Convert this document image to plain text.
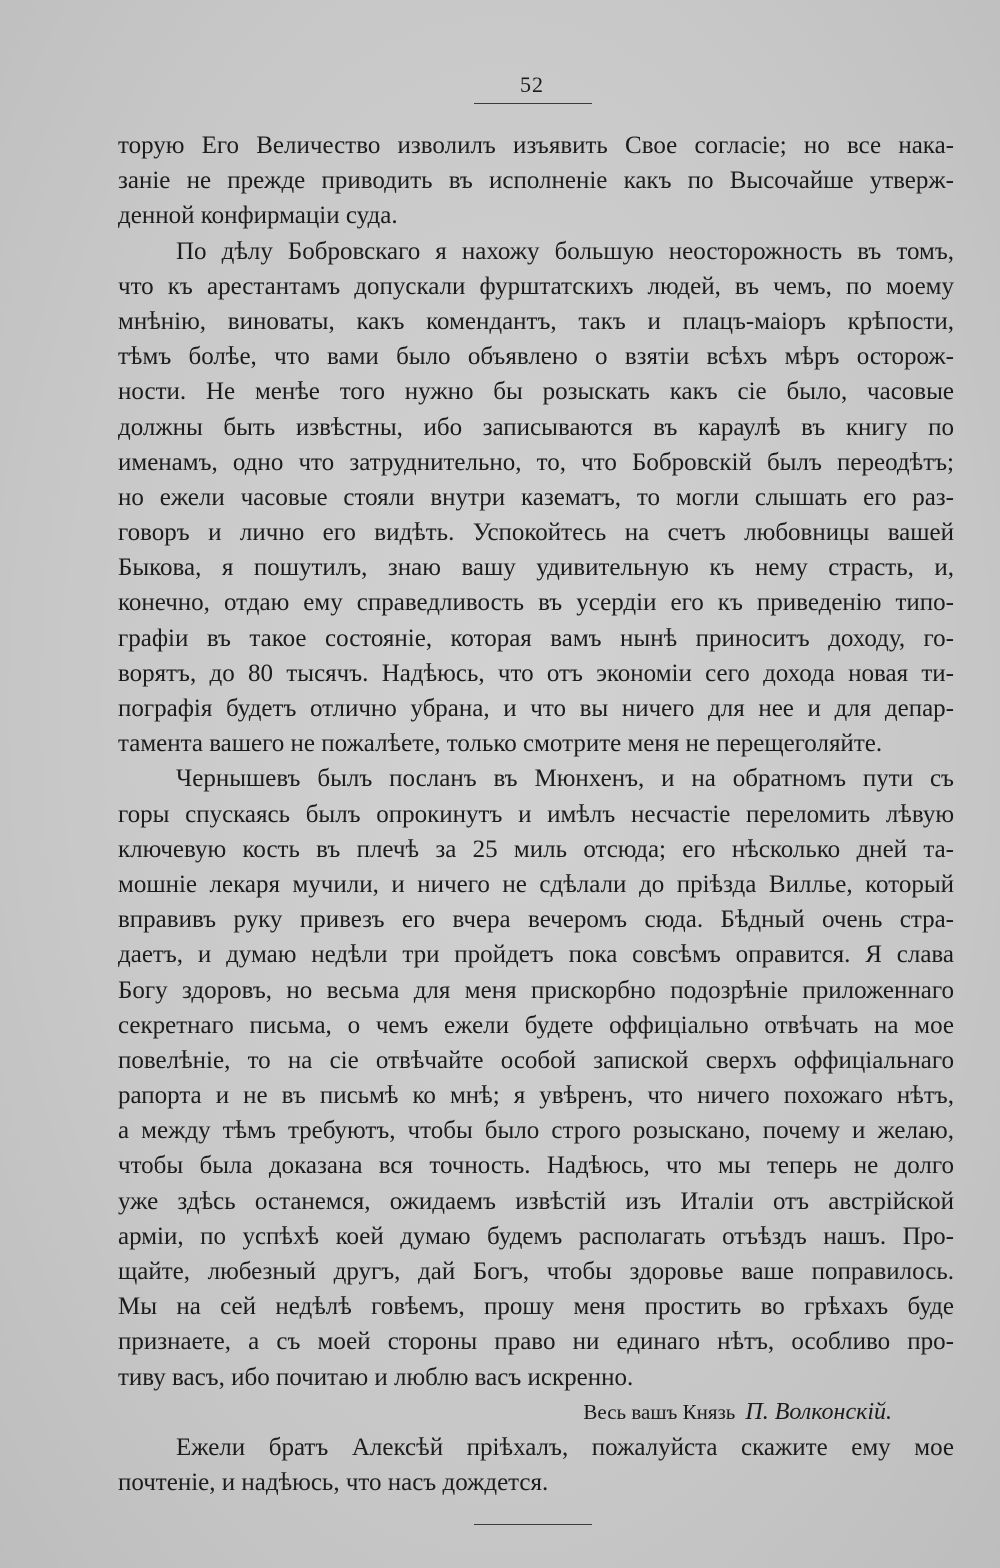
52
торую Его Величество изволилъ изъявить Свое согласіе; но все нака-
заніе не прежде приводить въ исполненіе какъ по Высочайше утверж-
денной конфирмаціи суда.
По дѣлу Бобровскаго я нахожу большую неосторожность въ томъ,
что къ арестантамъ допускали фурштатскихъ людей, въ чемъ, по моему
мнѣнію, виноваты, какъ комендантъ, такъ и плацъ-маіоръ крѣпости,
тѣмъ болѣе, что вами было объявлено о взятіи всѣхъ мѣръ осторож-
ности. Не менѣе того нужно бы розыскать какъ сіе было, часовые
должны быть извѣстны, ибо записываются въ караулѣ въ книгу по
именамъ, одно что затруднительно, то, что Бобровскій былъ переодѣтъ;
но ежели часовые стояли внутри казематъ, то могли слышать его раз-
говоръ и лично его видѣть. Успокойтесь на счетъ любовницы вашей
Быкова, я пошутилъ, знаю вашу удивительную къ нему страсть, и,
конечно, отдаю ему справедливость въ усердіи его къ приведенію типо-
графіи въ такое состояніе, которая вамъ нынѣ приноситъ доходу, го-
ворятъ, до 80 тысячъ. Надѣюсь, что отъ экономіи сего дохода новая ти-
пографія будетъ отлично убрана, и что вы ничего для нее и для депар-
тамента вашего не пожалѣете, только смотрите меня не перещеголяйте.
Чернышевъ былъ посланъ въ Мюнхенъ, и на обратномъ пути съ
горы спускаясь былъ опрокинутъ и имѣлъ несчастіе переломить лѣвую
ключевую кость въ плечѣ за 25 миль отсюда; его нѣсколько дней та-
мошніе лекаря мучили, и ничего не сдѣлали до пріѣзда Виллье, который
вправивъ руку привезъ его вчера вечеромъ сюда. Бѣдный очень стра-
даетъ, и думаю недѣли три пройдетъ пока совсѣмъ оправится. Я слава
Богу здоровъ, но весьма для меня прискорбно подозрѣніе приложеннаго
секретнаго письма, о чемъ ежели будете оффиціально отвѣчать на мое
повелѣніе, то на сіе отвѣчайте особой запиской сверхъ оффиціальнаго
рапорта и не въ письмѣ ко мнѣ; я увѣренъ, что ничего похожаго нѣтъ,
а между тѣмъ требуютъ, чтобы было строго розыскано, почему и желаю,
чтобы была доказана вся точность. Надѣюсь, что мы теперь не долго
уже здѣсь останемся, ожидаемъ извѣстій изъ Италіи отъ австрійской
арміи, по успѣхѣ коей думаю будемъ располагать отъѣздъ нашъ. Про-
щайте, любезный другъ, дай Богъ, чтобы здоровье ваше поправилось.
Мы на сей недѣлѣ говѣемъ, прошу меня простить во грѣхахъ буде
признаете, а съ моей стороны право ни единаго нѣтъ, особливо про-
тиву васъ, ибо почитаю и люблю васъ искренно.
Весь вашъ Князь П. Волконскій.
Ежели братъ Алексѣй пріѣхалъ, пожалуйста скажите ему мое
почтеніе, и надѣюсь, что насъ дождется.
